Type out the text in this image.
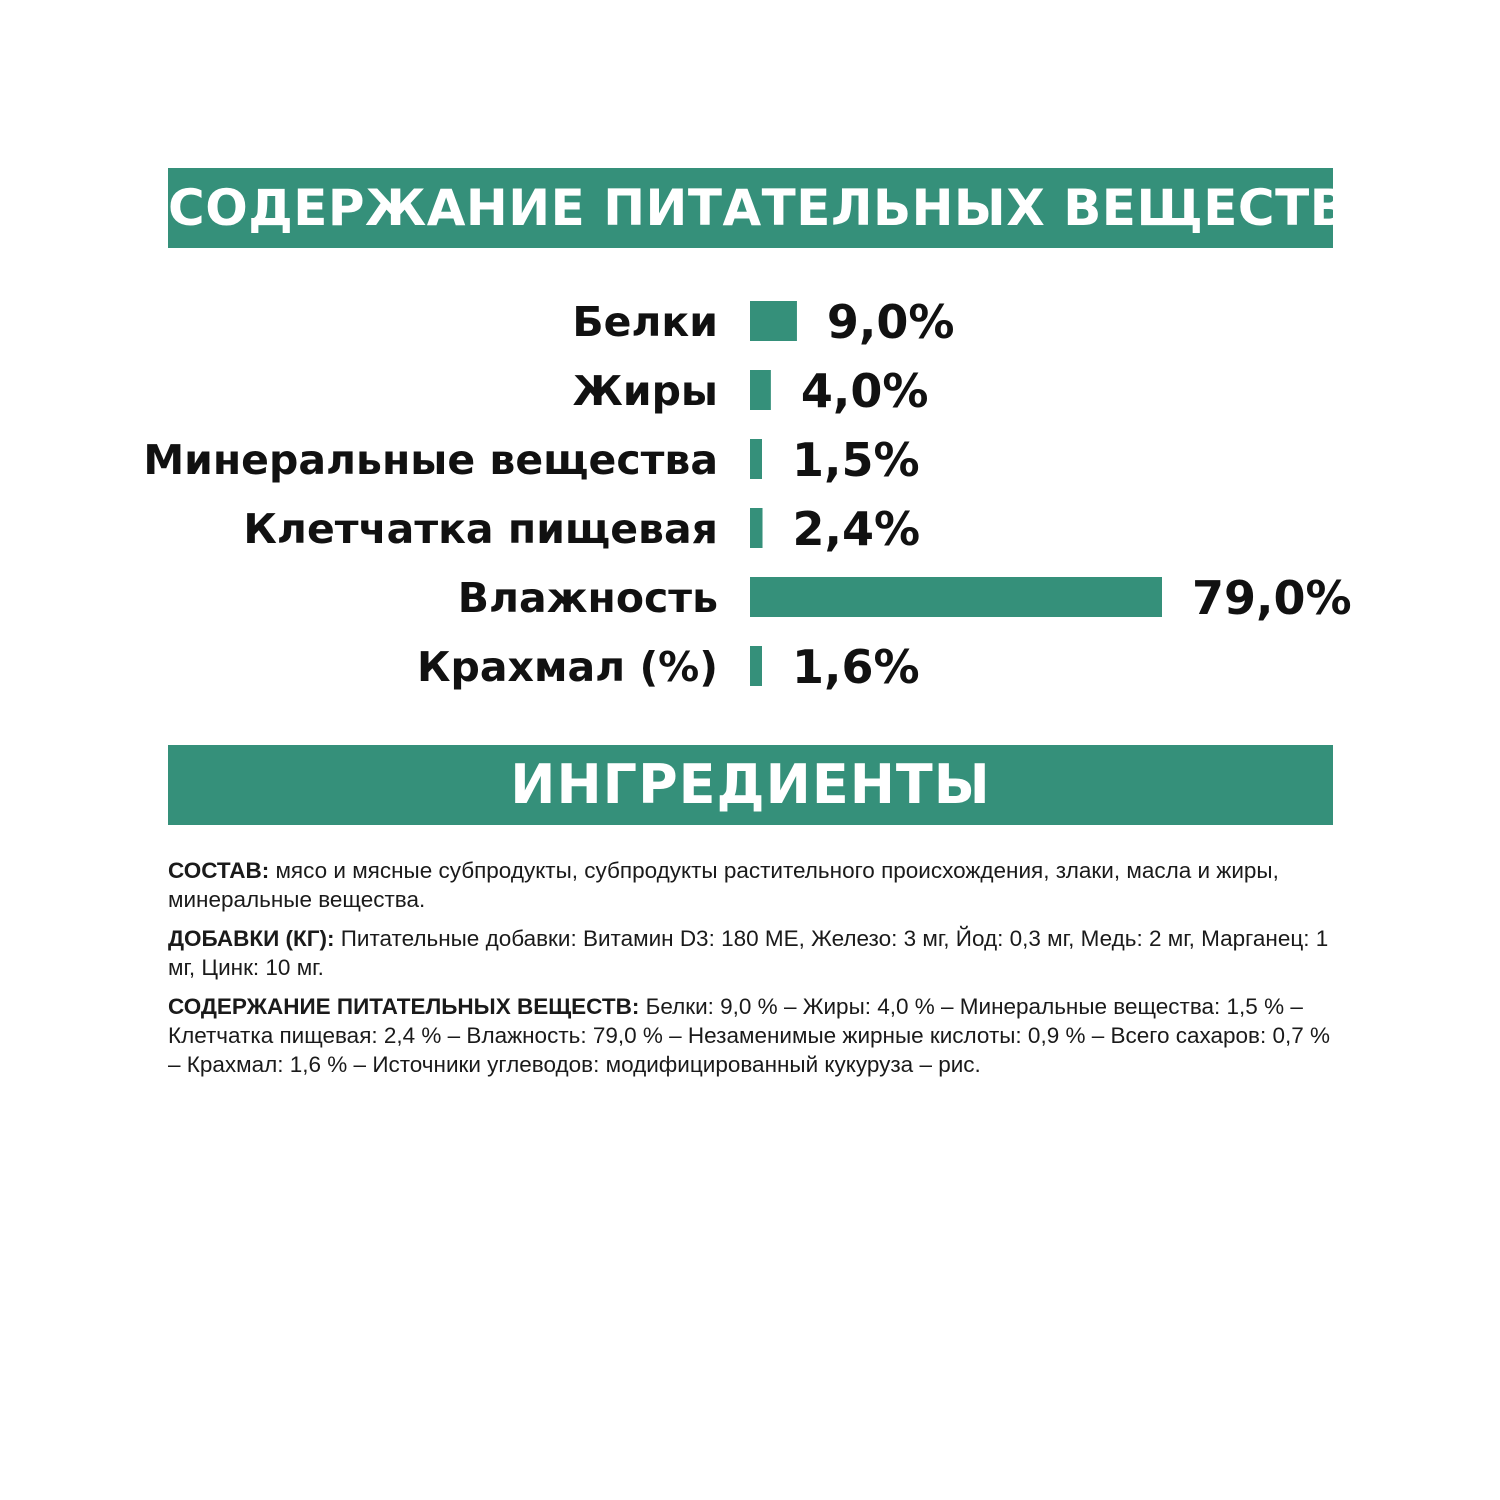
СОДЕРЖАНИЕ ПИТАТЕЛЬНЫХ ВЕЩЕСТВ
Белки 9,0%
Жиры 4,0%
Минеральные вещества 1,5%
Клетчатка пищевая 2,4%
Влажность	79,0%
Крахмал (%) 1,6%
ИНГРЕДИЕНТЫ

СОСТАВ: мясо и мясные субпродукты, субпродукты растительного происхождения, злаки, масла и жиры, минеральные вещества.

ДОБАВКИ (КГ): Питательные добавки: Витамин D3: 180 МЕ, Железо: 3 мг, Йод: 0,3 мг, Медь: 2 мг, Марганец: 1 мг, Цинк: 10 мг.

СОДЕРЖАНИЕ ПИТАТЕЛЬНЫХ ВЕЩЕСТВ: Белки: 9,0 % – Жиры: 4,0 % – Минеральные вещества: 1,5 % – Клетчатка пищевая: 2,4 % – Влажность: 79,0 % – Незаменимые жирные кислоты: 0,9 % – Всего сахаров: 0,7 % – Крахмал: 1,6 % – Источники углеводов: модифицированный кукуруза – рис.
